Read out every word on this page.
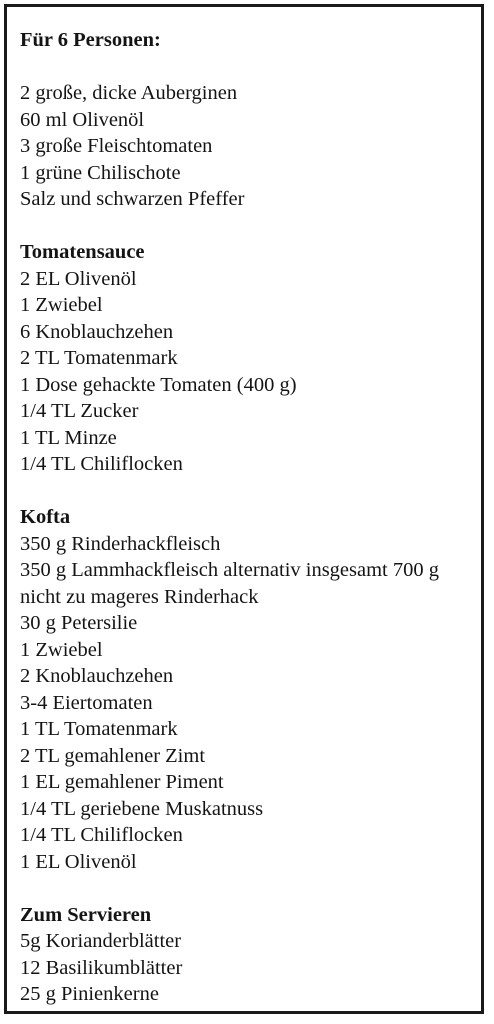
Für 6 Personen:
2 große, dicke Auberginen
60 ml Olivenöl
3 große Fleischtomaten
1 grüne Chilischote
Salz und schwarzen Pfeffer
Tomatensauce
2 EL Olivenöl
1 Zwiebel
6 Knoblauchzehen
2 TL Tomatenmark
1 Dose gehackte Tomaten (400 g)
1/4 TL Zucker
1 TL Minze
1/4 TL Chiliflocken
Kofta
350 g Rinderhackfleisch
350 g Lammhackfleisch alternativ insgesamt 700 g nicht zu mageres Rinderhack
30 g Petersilie
1 Zwiebel
2 Knoblauchzehen
3-4 Eiertomaten
1 TL Tomatenmark
2 TL gemahlener Zimt
1 EL gemahlener Piment
1/4 TL geriebene Muskatnuss
1/4 TL Chiliflocken
1 EL Olivenöl
Zum Servieren
5g Korianderblätter
12 Basilikumblätter
25 g Pinienkerne
